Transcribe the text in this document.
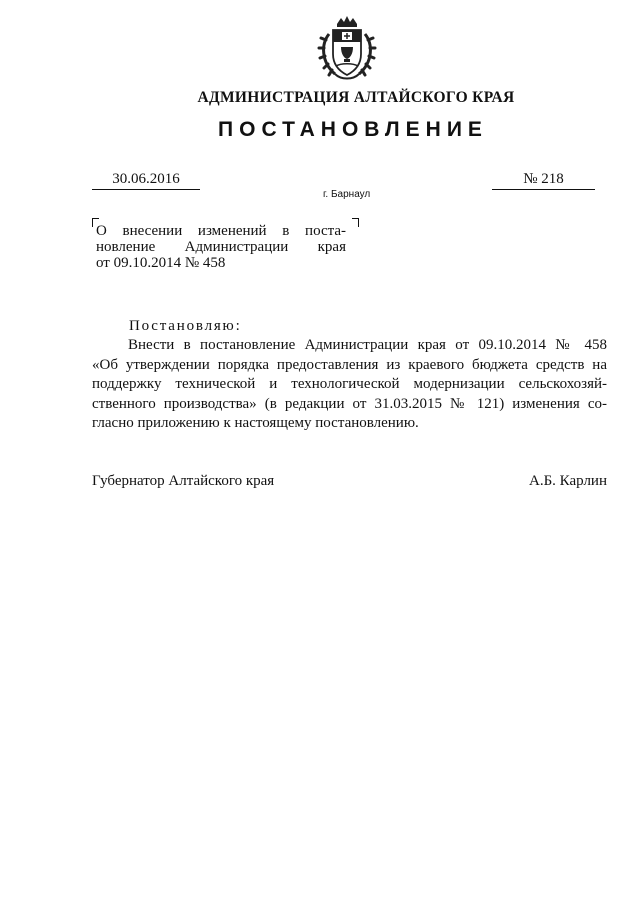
АДМИНИСТРАЦИЯ АЛТАЙСКОГО КРАЯ
ПОСТАНОВЛЕНИЕ
30.06.2016	№ 218
г. Барнаул
О внесении изменений в поста-
новление Администрации края
от 09.10.2014 № 458
Постановляю:
Внести в постановление Администрации края от 09.10.2014 № 458
«Об утверждении порядка предоставления из краевого бюджета средств на
поддержку технической и технологической модернизации сельскохозяй-
ственного производства» (в редакции от 31.03.2015 № 121) изменения со-
гласно приложению к настоящему постановлению.
Губернатор Алтайского края	А.Б. Карлин
